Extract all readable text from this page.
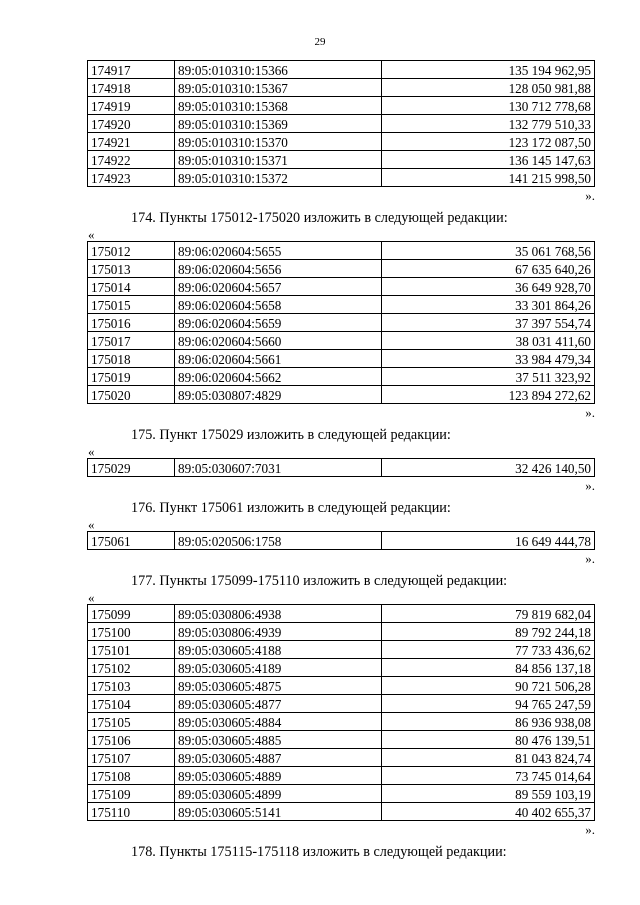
29
174917	89:05:010310:15366	135 194 962,95
174918	89:05:010310:15367	128 050 981,88
174919	89:05:010310:15368	130 712 778,68
174920	89:05:010310:15369	132 779 510,33
174921	89:05:010310:15370	123 172 087,50
174922	89:05:010310:15371	136 145 147,63
174923	89:05:010310:15372	141 215 998,50
».
174. Пункты 175012-175020 изложить в следующей редакции:
«
175012	89:06:020604:5655	35 061 768,56
175013	89:06:020604:5656	67 635 640,26
175014	89:06:020604:5657	36 649 928,70
175015	89:06:020604:5658	33 301 864,26
175016	89:06:020604:5659	37 397 554,74
175017	89:06:020604:5660	38 031 411,60
175018	89:06:020604:5661	33 984 479,34
175019	89:06:020604:5662	37 511 323,92
175020	89:05:030807:4829	123 894 272,62
».
175. Пункт 175029 изложить в следующей редакции:
«
175029	89:05:030607:7031	32 426 140,50
».
176. Пункт 175061 изложить в следующей редакции:
«
175061	89:05:020506:1758	16 649 444,78
».
177. Пункты 175099-175110 изложить в следующей редакции:
«
175099	89:05:030806:4938	79 819 682,04
175100	89:05:030806:4939	89 792 244,18
175101	89:05:030605:4188	77 733 436,62
175102	89:05:030605:4189	84 856 137,18
175103	89:05:030605:4875	90 721 506,28
175104	89:05:030605:4877	94 765 247,59
175105	89:05:030605:4884	86 936 938,08
175106	89:05:030605:4885	80 476 139,51
175107	89:05:030605:4887	81 043 824,74
175108	89:05:030605:4889	73 745 014,64
175109	89:05:030605:4899	89 559 103,19
175110	89:05:030605:5141	40 402 655,37
».
178. Пункты 175115-175118 изложить в следующей редакции:
